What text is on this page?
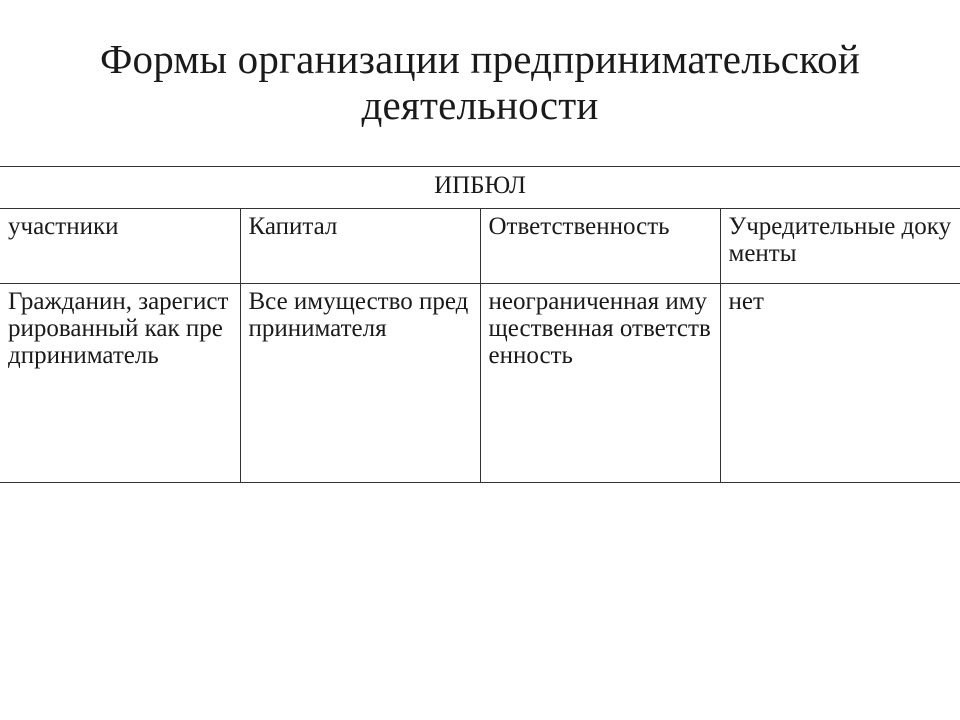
Формы организации предпринимательской
деятельности
ИПБЮЛ			
участники	Капитал	Ответственность	Учредительные документы
Гражданин, зарегистрированный как предприниматель	Все имущество предпринимателя	неограниченная имущественная ответственность	нет
